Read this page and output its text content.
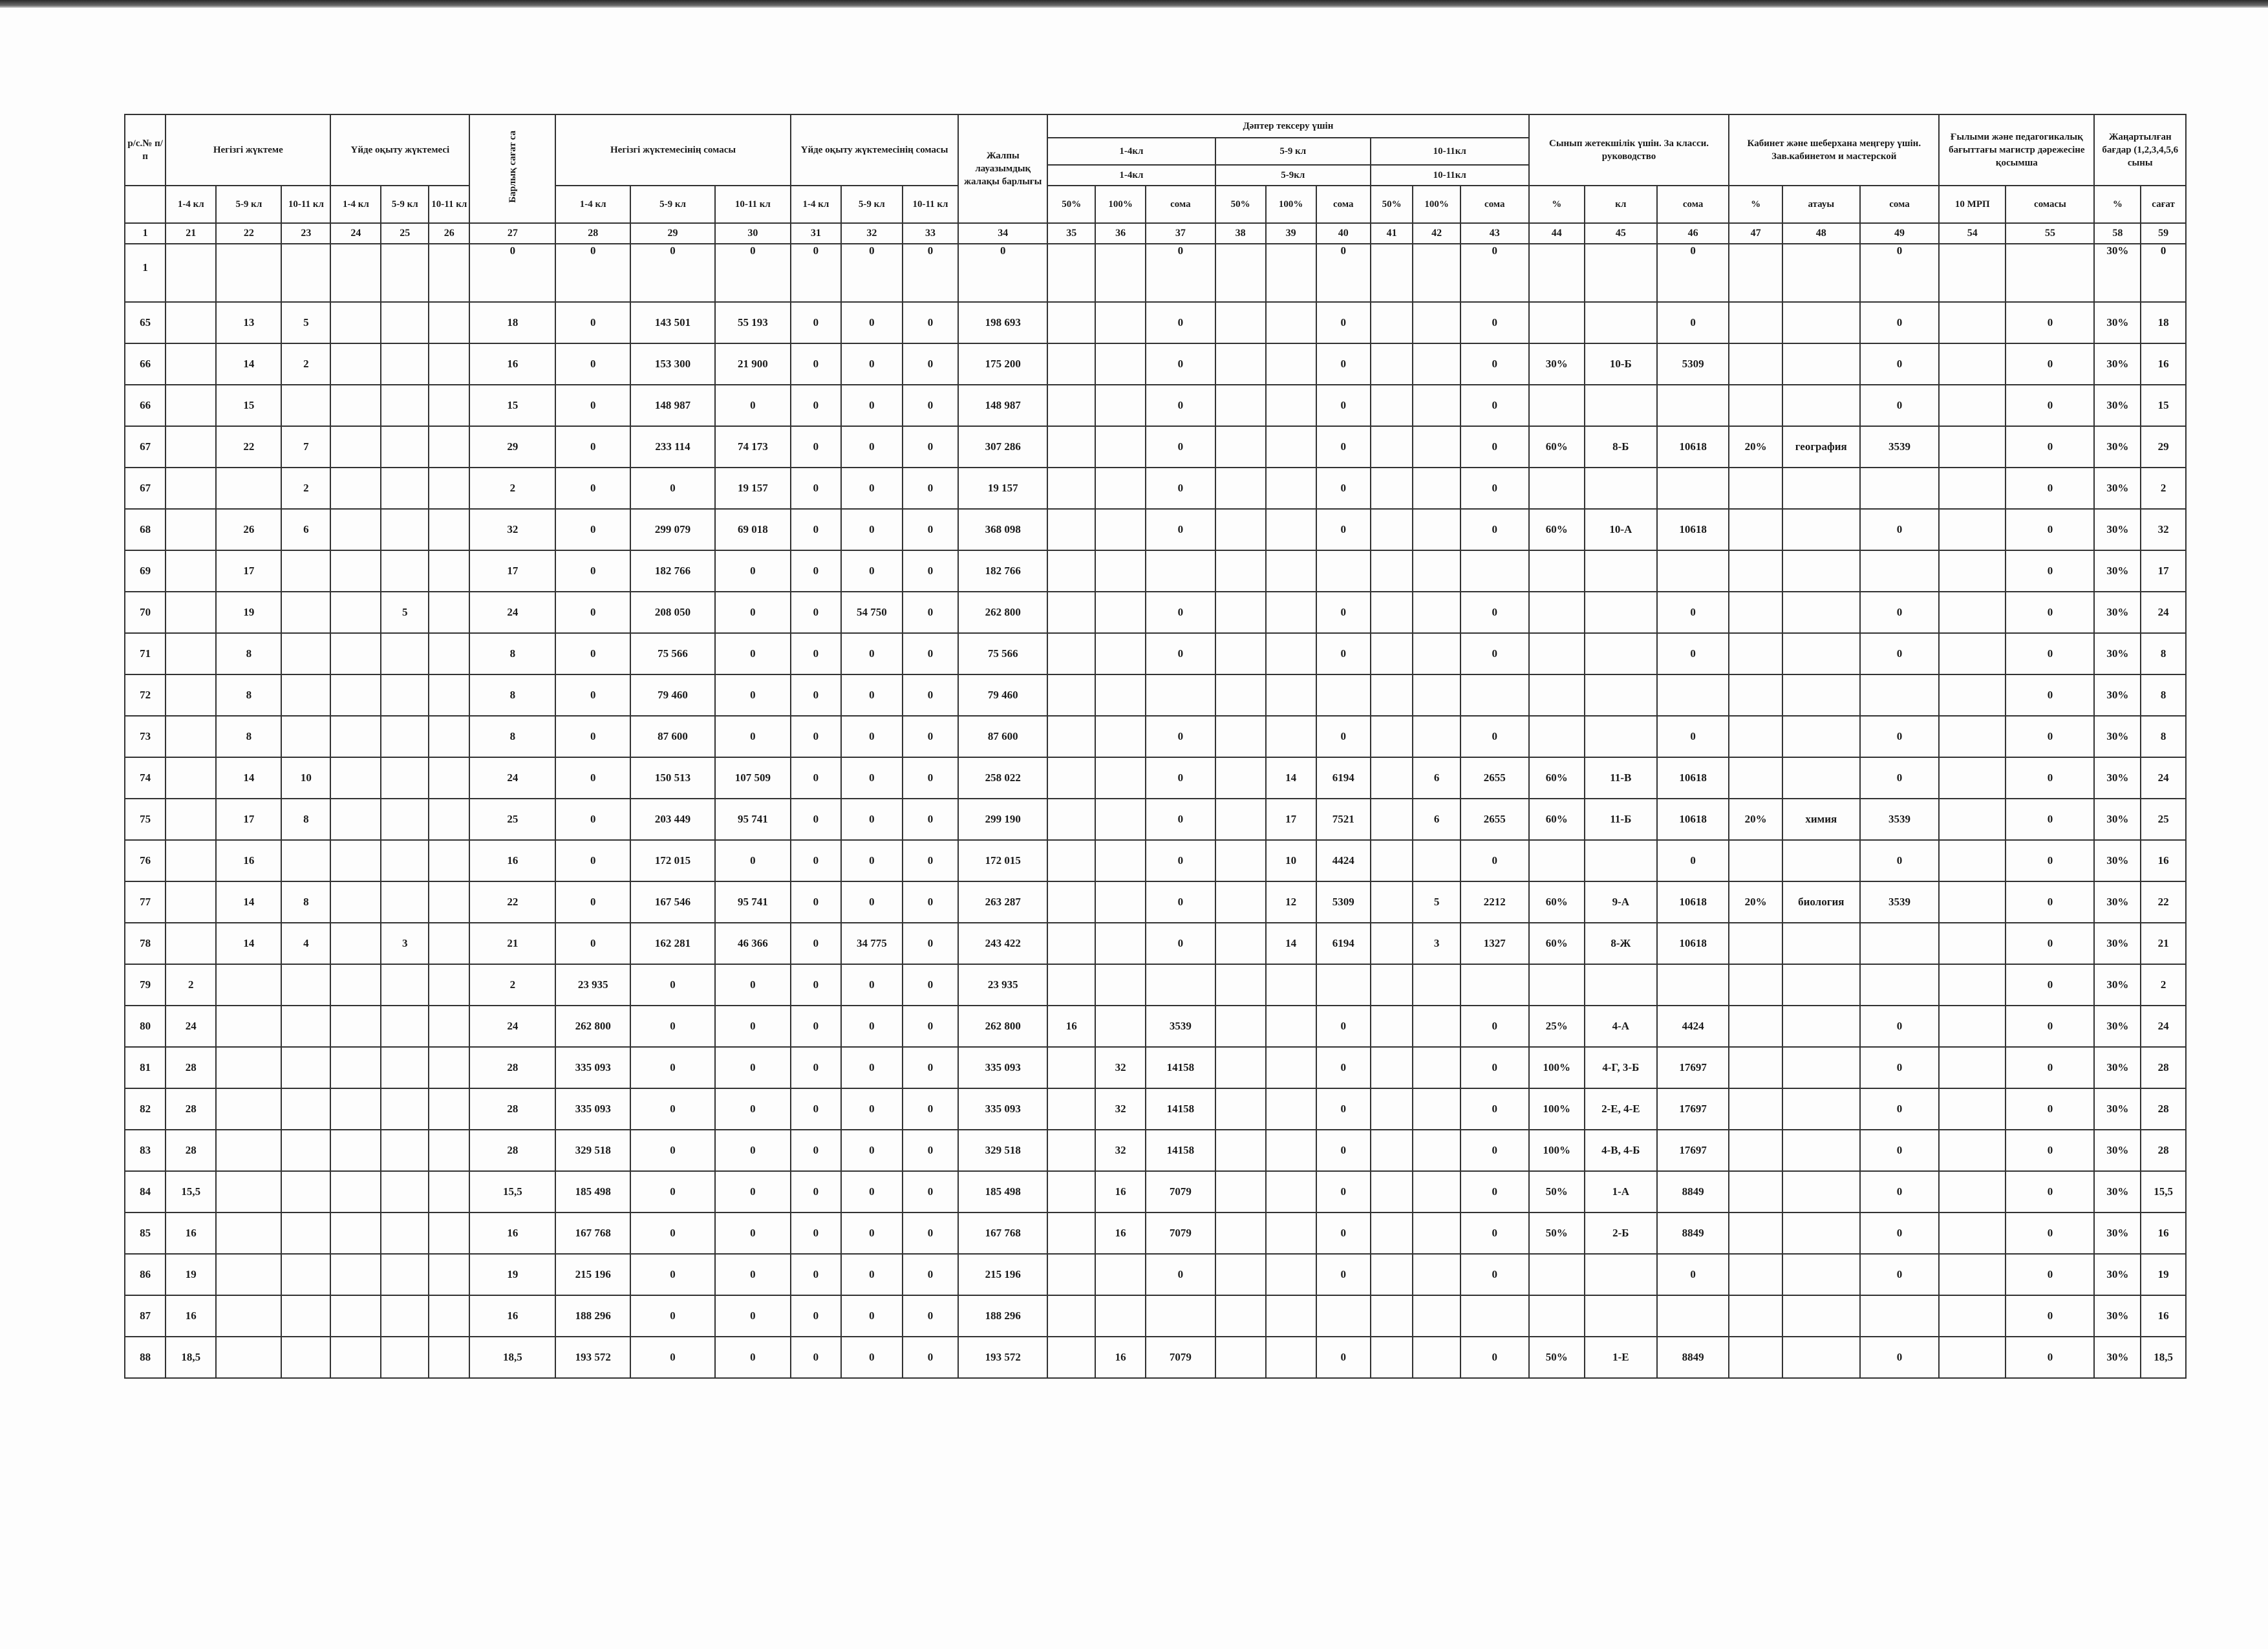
р/с.№ п/п	Негізгі жүктеме			Үйде оқыту жүктемесі			Барлық сағат са	Негізгі жүктемесінің сомасы			Үйде оқыту жүктемесінің сомасы			Жалпы лауазымдық жалақы барлығы	Дәптер тексеру үшін									Сынып жетекшілік үшін. За класси. руководство			Кабинет және шеберхана меңгеру үшін. Зав.кабинетом и мастерской			Ғылыми және педагогикалық бағыттағы магистр дәрежесіне қосымша		Жаңартылған бағдар (1,2,3,4,5,6 сыны	
															1-4кл			5-9 кл			10-11кл												
															1-4кл			5-9кл			10-11кл												
	1-4 кл	5-9 кл	10-11 кл	1-4 кл	5-9 кл	10-11 кл		1-4 кл	5-9 кл	10-11 кл	1-4 кл	5-9 кл	10-11 кл		50%	100%	сома	50%	100%	сома	50%	100%	сома	%	кл	сома	%	атауы	сома	10 МРП	сомасы	%	сағат
1	21	22	23	24	25	26	27	28	29	30	31	32	33	34	35	36	37	38	39	40	41	42	43	44	45	46	47	48	49	54	55	58	59
1							0	0	0	0	0	0	0	0			0			0			0			0			0			30%	0
65		13	5				18	0	143 501	55 193	0	0	0	198 693			0			0			0			0			0		0	30%	18
66		14	2				16	0	153 300	21 900	0	0	0	175 200			0			0			0	30%	10-Б	5309			0		0	30%	16
66		15					15	0	148 987	0	0	0	0	148 987			0			0			0						0		0	30%	15
67		22	7				29	0	233 114	74 173	0	0	0	307 286			0			0			0	60%	8-Б	10618	20%	география	3539		0	30%	29
67			2				2	0	0	19 157	0	0	0	19 157			0			0			0								0	30%	2
68		26	6				32	0	299 079	69 018	0	0	0	368 098			0			0			0	60%	10-А	10618			0		0	30%	32
69		17					17	0	182 766	0	0	0	0	182 766																	0	30%	17
70		19			5		24	0	208 050	0	0	54 750	0	262 800			0			0			0			0			0		0	30%	24
71		8					8	0	75 566	0	0	0	0	75 566			0			0			0			0			0		0	30%	8
72		8					8	0	79 460	0	0	0	0	79 460																	0	30%	8
73		8					8	0	87 600	0	0	0	0	87 600			0			0			0			0			0		0	30%	8
74		14	10				24	0	150 513	107 509	0	0	0	258 022			0		14	6194		6	2655	60%	11-В	10618			0		0	30%	24
75		17	8				25	0	203 449	95 741	0	0	0	299 190			0		17	7521		6	2655	60%	11-Б	10618	20%	химия	3539		0	30%	25
76		16					16	0	172 015	0	0	0	0	172 015			0		10	4424			0			0			0		0	30%	16
77		14	8				22	0	167 546	95 741	0	0	0	263 287			0		12	5309		5	2212	60%	9-А	10618	20%	биология	3539		0	30%	22
78		14	4		3		21	0	162 281	46 366	0	34 775	0	243 422			0		14	6194		3	1327	60%	8-Ж	10618					0	30%	21
79	2						2	23 935	0	0	0	0	0	23 935																	0	30%	2
80	24						24	262 800	0	0	0	0	0	262 800	16		3539			0			0	25%	4-А	4424			0		0	30%	24
81	28						28	335 093	0	0	0	0	0	335 093		32	14158			0			0	100%	4-Г, 3-Б	17697			0		0	30%	28
82	28						28	335 093	0	0	0	0	0	335 093		32	14158			0			0	100%	2-Е, 4-Е	17697			0		0	30%	28
83	28						28	329 518	0	0	0	0	0	329 518		32	14158			0			0	100%	4-В, 4-Б	17697			0		0	30%	28
84	15,5						15,5	185 498	0	0	0	0	0	185 498		16	7079			0			0	50%	1-А	8849			0		0	30%	15,5
85	16						16	167 768	0	0	0	0	0	167 768		16	7079			0			0	50%	2-Б	8849			0		0	30%	16
86	19						19	215 196	0	0	0	0	0	215 196			0			0			0			0			0		0	30%	19
87	16						16	188 296	0	0	0	0	0	188 296																	0	30%	16
88	18,5						18,5	193 572	0	0	0	0	0	193 572		16	7079			0			0	50%	1-Е	8849			0		0	30%	18,5
